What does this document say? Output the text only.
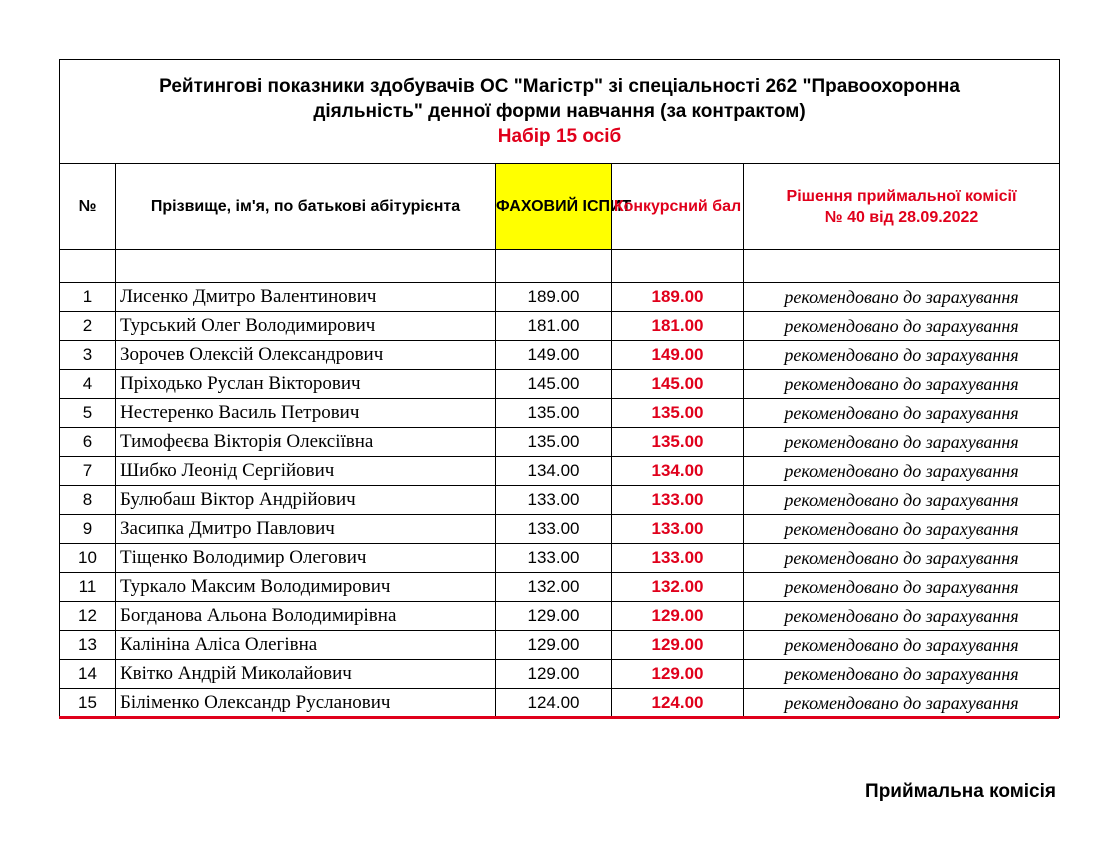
Рейтингові показники здобувачів ОС "Магістр" зі спеціальності 262 "Правоохоронна
діяльність" денної форми навчання (за контрактом)
Набір 15 осіб				

№	Прізвище, ім'я, по батькові абітурієнта	ФАХОВИЙ ІСПИТ	Конкурсний бал	Рішення приймальної комісії
№ 40 від 28.09.2022

1	Лисенко Дмитро Валентинович	189.00	189.00	рекомендовано до зарахування
2	Турський Олег Володимирович	181.00	181.00	рекомендовано до зарахування
3	Зорочев Олексій Олександрович	149.00	149.00	рекомендовано до зарахування
4	Пріходько Руслан Вікторович	145.00	145.00	рекомендовано до зарахування
5	Нестеренко Василь Петрович	135.00	135.00	рекомендовано до зарахування
6	Тимофеєва Вікторія Олексіївна	135.00	135.00	рекомендовано до зарахування
7	Шибко Леонід Сергійович	134.00	134.00	рекомендовано до зарахування
8	Булюбаш Віктор Андрійович	133.00	133.00	рекомендовано до зарахування
9	Засипка Дмитро Павлович	133.00	133.00	рекомендовано до зарахування
10	Тіщенко Володимир Олегович	133.00	133.00	рекомендовано до зарахування
11	Туркало Максим Володимирович	132.00	132.00	рекомендовано до зарахування
12	Богданова Альона Володимирівна	129.00	129.00	рекомендовано до зарахування
13	Калініна Аліса Олегівна	129.00	129.00	рекомендовано до зарахування
14	Квітко Андрій Миколайович	129.00	129.00	рекомендовано до зарахування
15	Біліменко Олександр Русланович	124.00	124.00	рекомендовано до зарахування
Приймальна комісія
